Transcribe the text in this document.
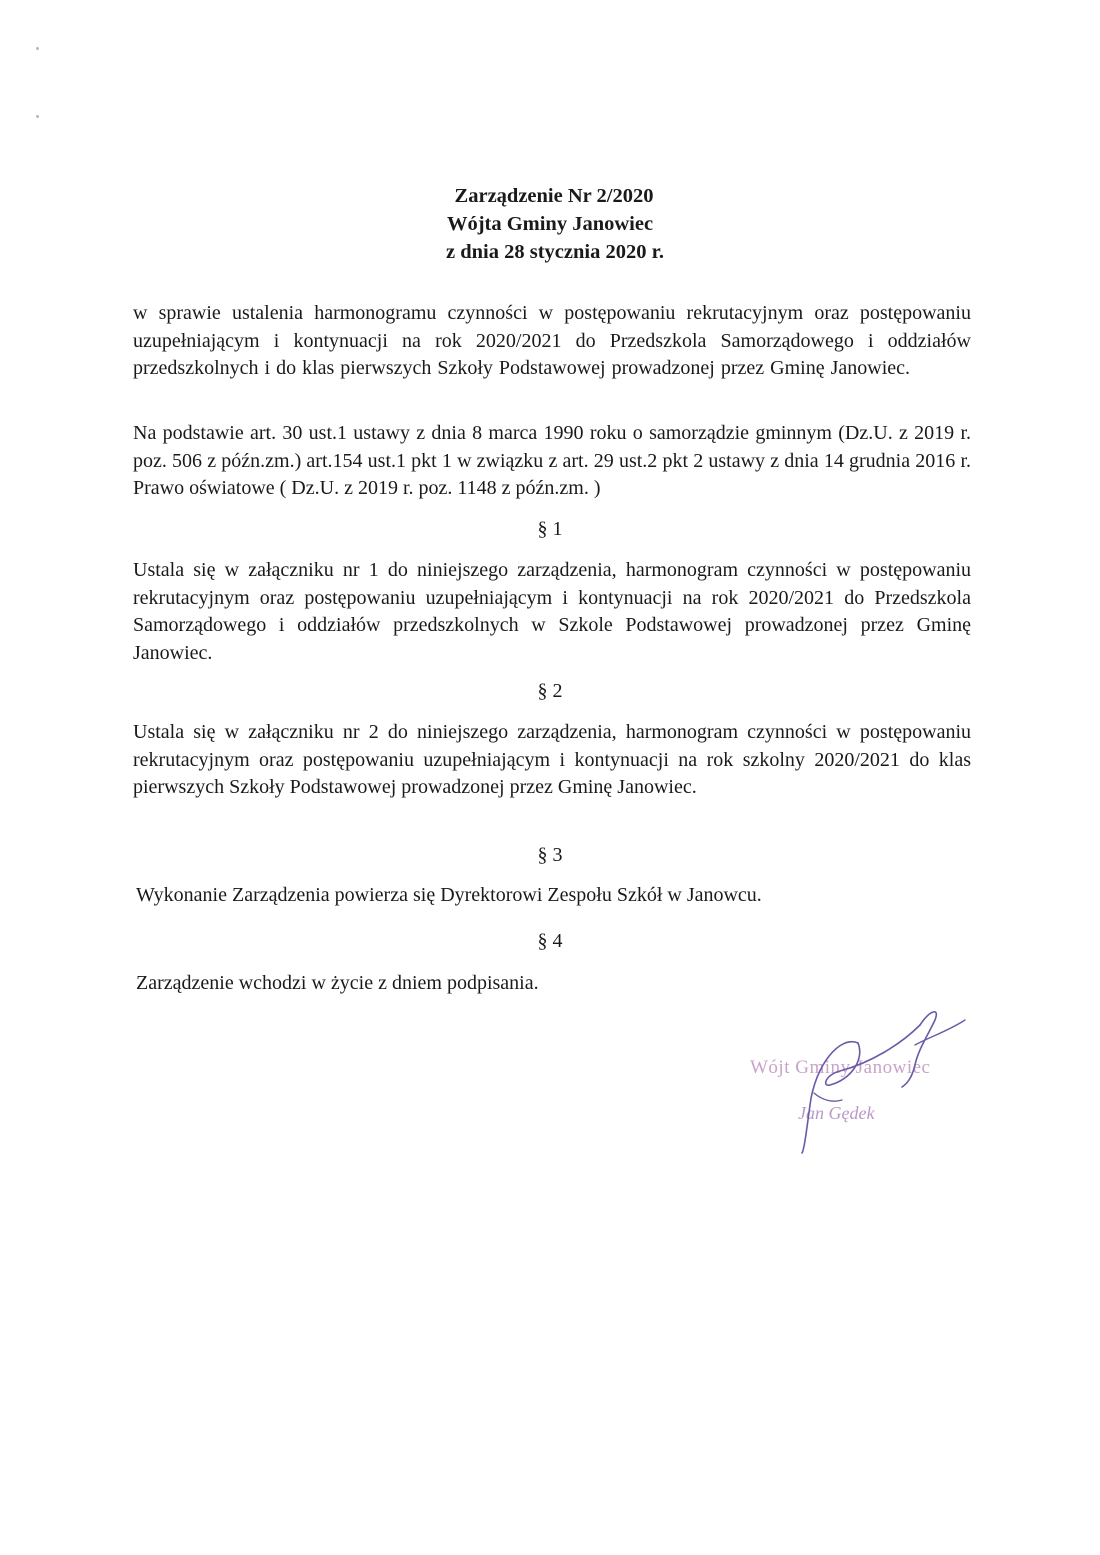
Zarządzenie Nr 2/2020
Wójta Gminy Janowiec
z dnia 28 stycznia 2020 r.
w sprawie ustalenia harmonogramu czynności w postępowaniu rekrutacyjnym oraz postępowaniu uzupełniającym i kontynuacji na rok 2020/2021 do Przedszkola Samorządowego i oddziałów przedszkolnych i do klas pierwszych Szkoły Podstawowej prowadzonej przez Gminę Janowiec.
Na podstawie art. 30 ust.1 ustawy z dnia 8 marca 1990 roku o samorządzie gminnym (Dz.U. z 2019 r. poz. 506 z późn.zm.) art.154 ust.1 pkt 1 w związku z art. 29 ust.2 pkt 2 ustawy z dnia 14 grudnia 2016 r. Prawo oświatowe ( Dz.U. z 2019 r. poz. 1148 z późn.zm. )
§ 1
Ustala się w załączniku nr 1 do niniejszego zarządzenia, harmonogram czynności w postępowaniu rekrutacyjnym oraz postępowaniu uzupełniającym i kontynuacji na rok 2020/2021 do Przedszkola Samorządowego i oddziałów przedszkolnych w Szkole Podstawowej prowadzonej przez Gminę Janowiec.
§ 2
Ustala się w załączniku nr 2 do niniejszego zarządzenia, harmonogram czynności w postępowaniu rekrutacyjnym oraz postępowaniu uzupełniającym i kontynuacji na rok szkolny 2020/2021 do klas pierwszych Szkoły Podstawowej prowadzonej przez Gminę Janowiec.
§ 3
Wykonanie Zarządzenia powierza się Dyrektorowi Zespołu Szkół w Janowcu.
§ 4
Zarządzenie wchodzi w życie z dniem podpisania.
Wójt Gminy Janowiec
Jan Gędek
